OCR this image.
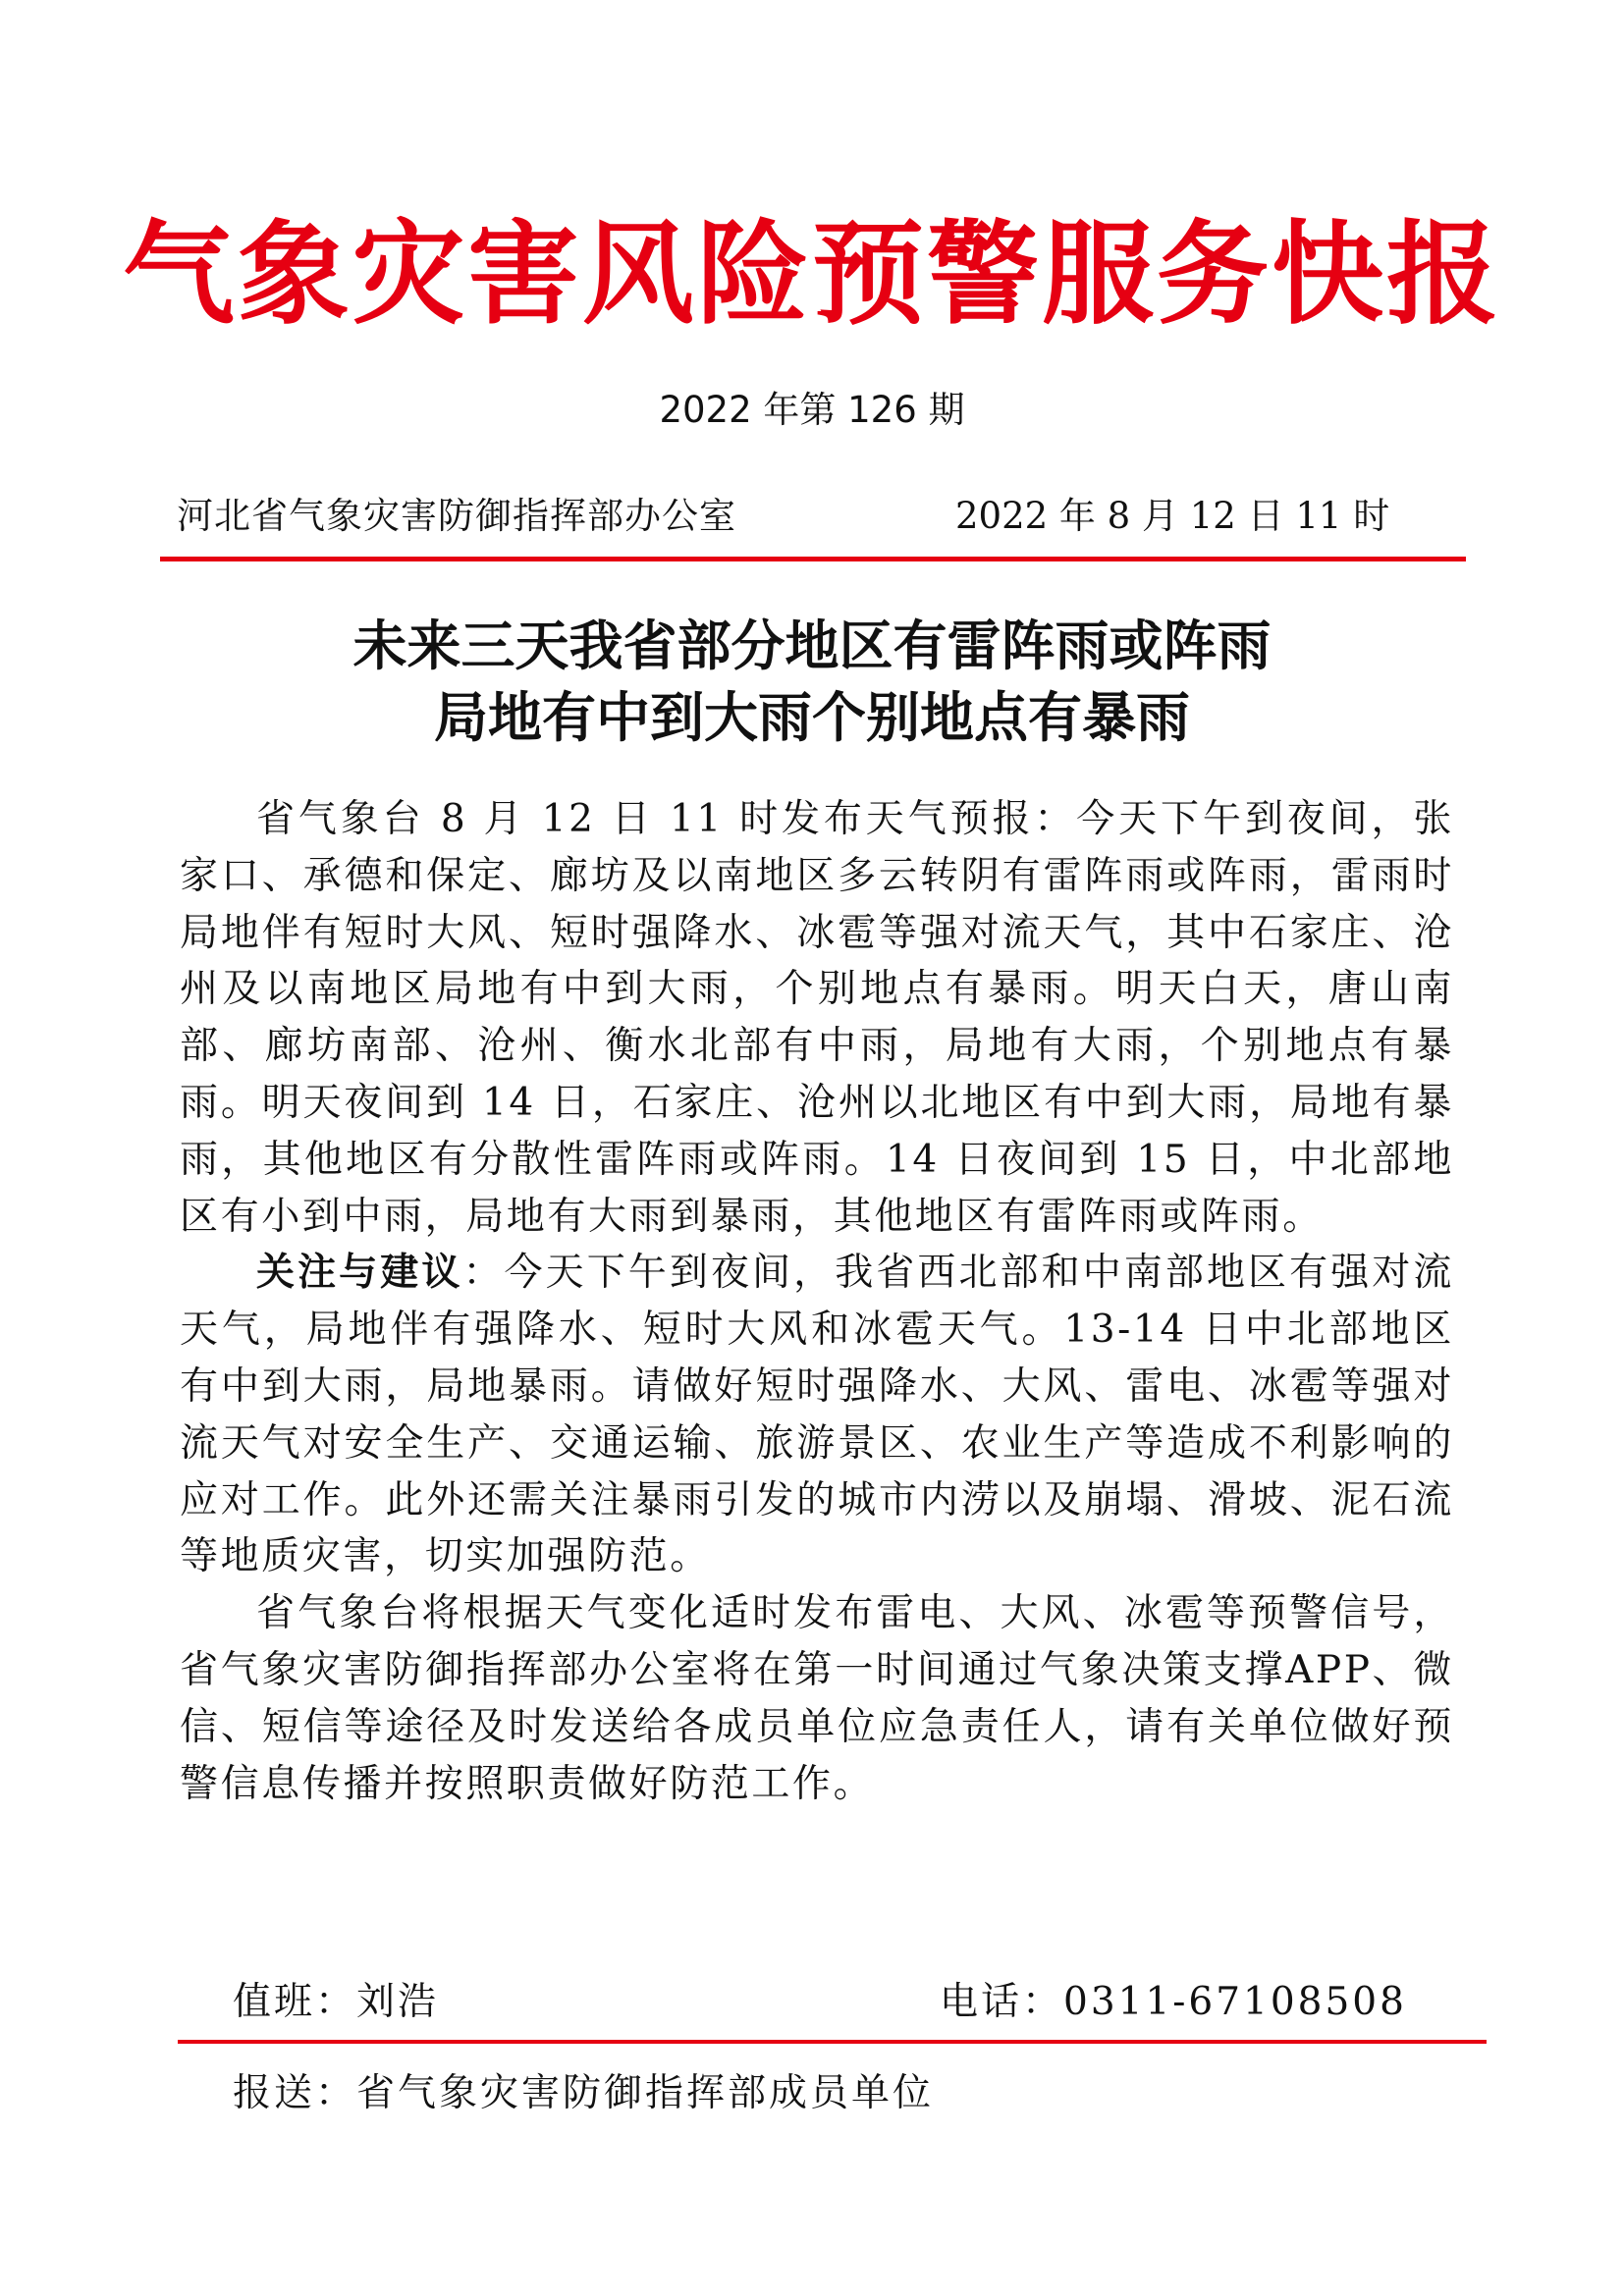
气象灾害风险预警服务快报
2022 年第 126 期
河北省气象灾害防御指挥部办公室	2022 年 8 月 12 日 11 时
未来三天我省部分地区有雷阵雨或阵雨
局地有中到大雨个别地点有暴雨

省气象台 8 月 12 日 11 时发布天气预报：今天下午到夜间，张家口、承德和保定、廊坊及以南地区多云转阴有雷阵雨或阵雨，雷雨时局地伴有短时大风、短时强降水、冰雹等强对流天气，其中石家庄、沧州及以南地区局地有中到大雨，个别地点有暴雨。明天白天，唐山南部、廊坊南部、沧州、衡水北部有中雨，局地有大雨，个别地点有暴雨。明天夜间到 14 日，石家庄、沧州以北地区有中到大雨，局地有暴雨，其他地区有分散性雷阵雨或阵雨。14 日夜间到 15 日，中北部地区有小到中雨，局地有大雨到暴雨，其他地区有雷阵雨或阵雨。

关注与建议：今天下午到夜间，我省西北部和中南部地区有强对流天气，局地伴有强降水、短时大风和冰雹天气。13-14 日中北部地区有中到大雨，局地暴雨。请做好短时强降水、大风、雷电、冰雹等强对流天气对安全生产、交通运输、旅游景区、农业生产等造成不利影响的应对工作。此外还需关注暴雨引发的城市内涝以及崩塌、滑坡、泥石流等地质灾害，切实加强防范。

省气象台将根据天气变化适时发布雷电、大风、冰雹等预警信号，省气象灾害防御指挥部办公室将在第一时间通过气象决策支撑APP、微信、短信等途径及时发送给各成员单位应急责任人，请有关单位做好预警信息传播并按照职责做好防范工作。

值班：刘浩	电话：0311-67108508
报送：省气象灾害防御指挥部成员单位
